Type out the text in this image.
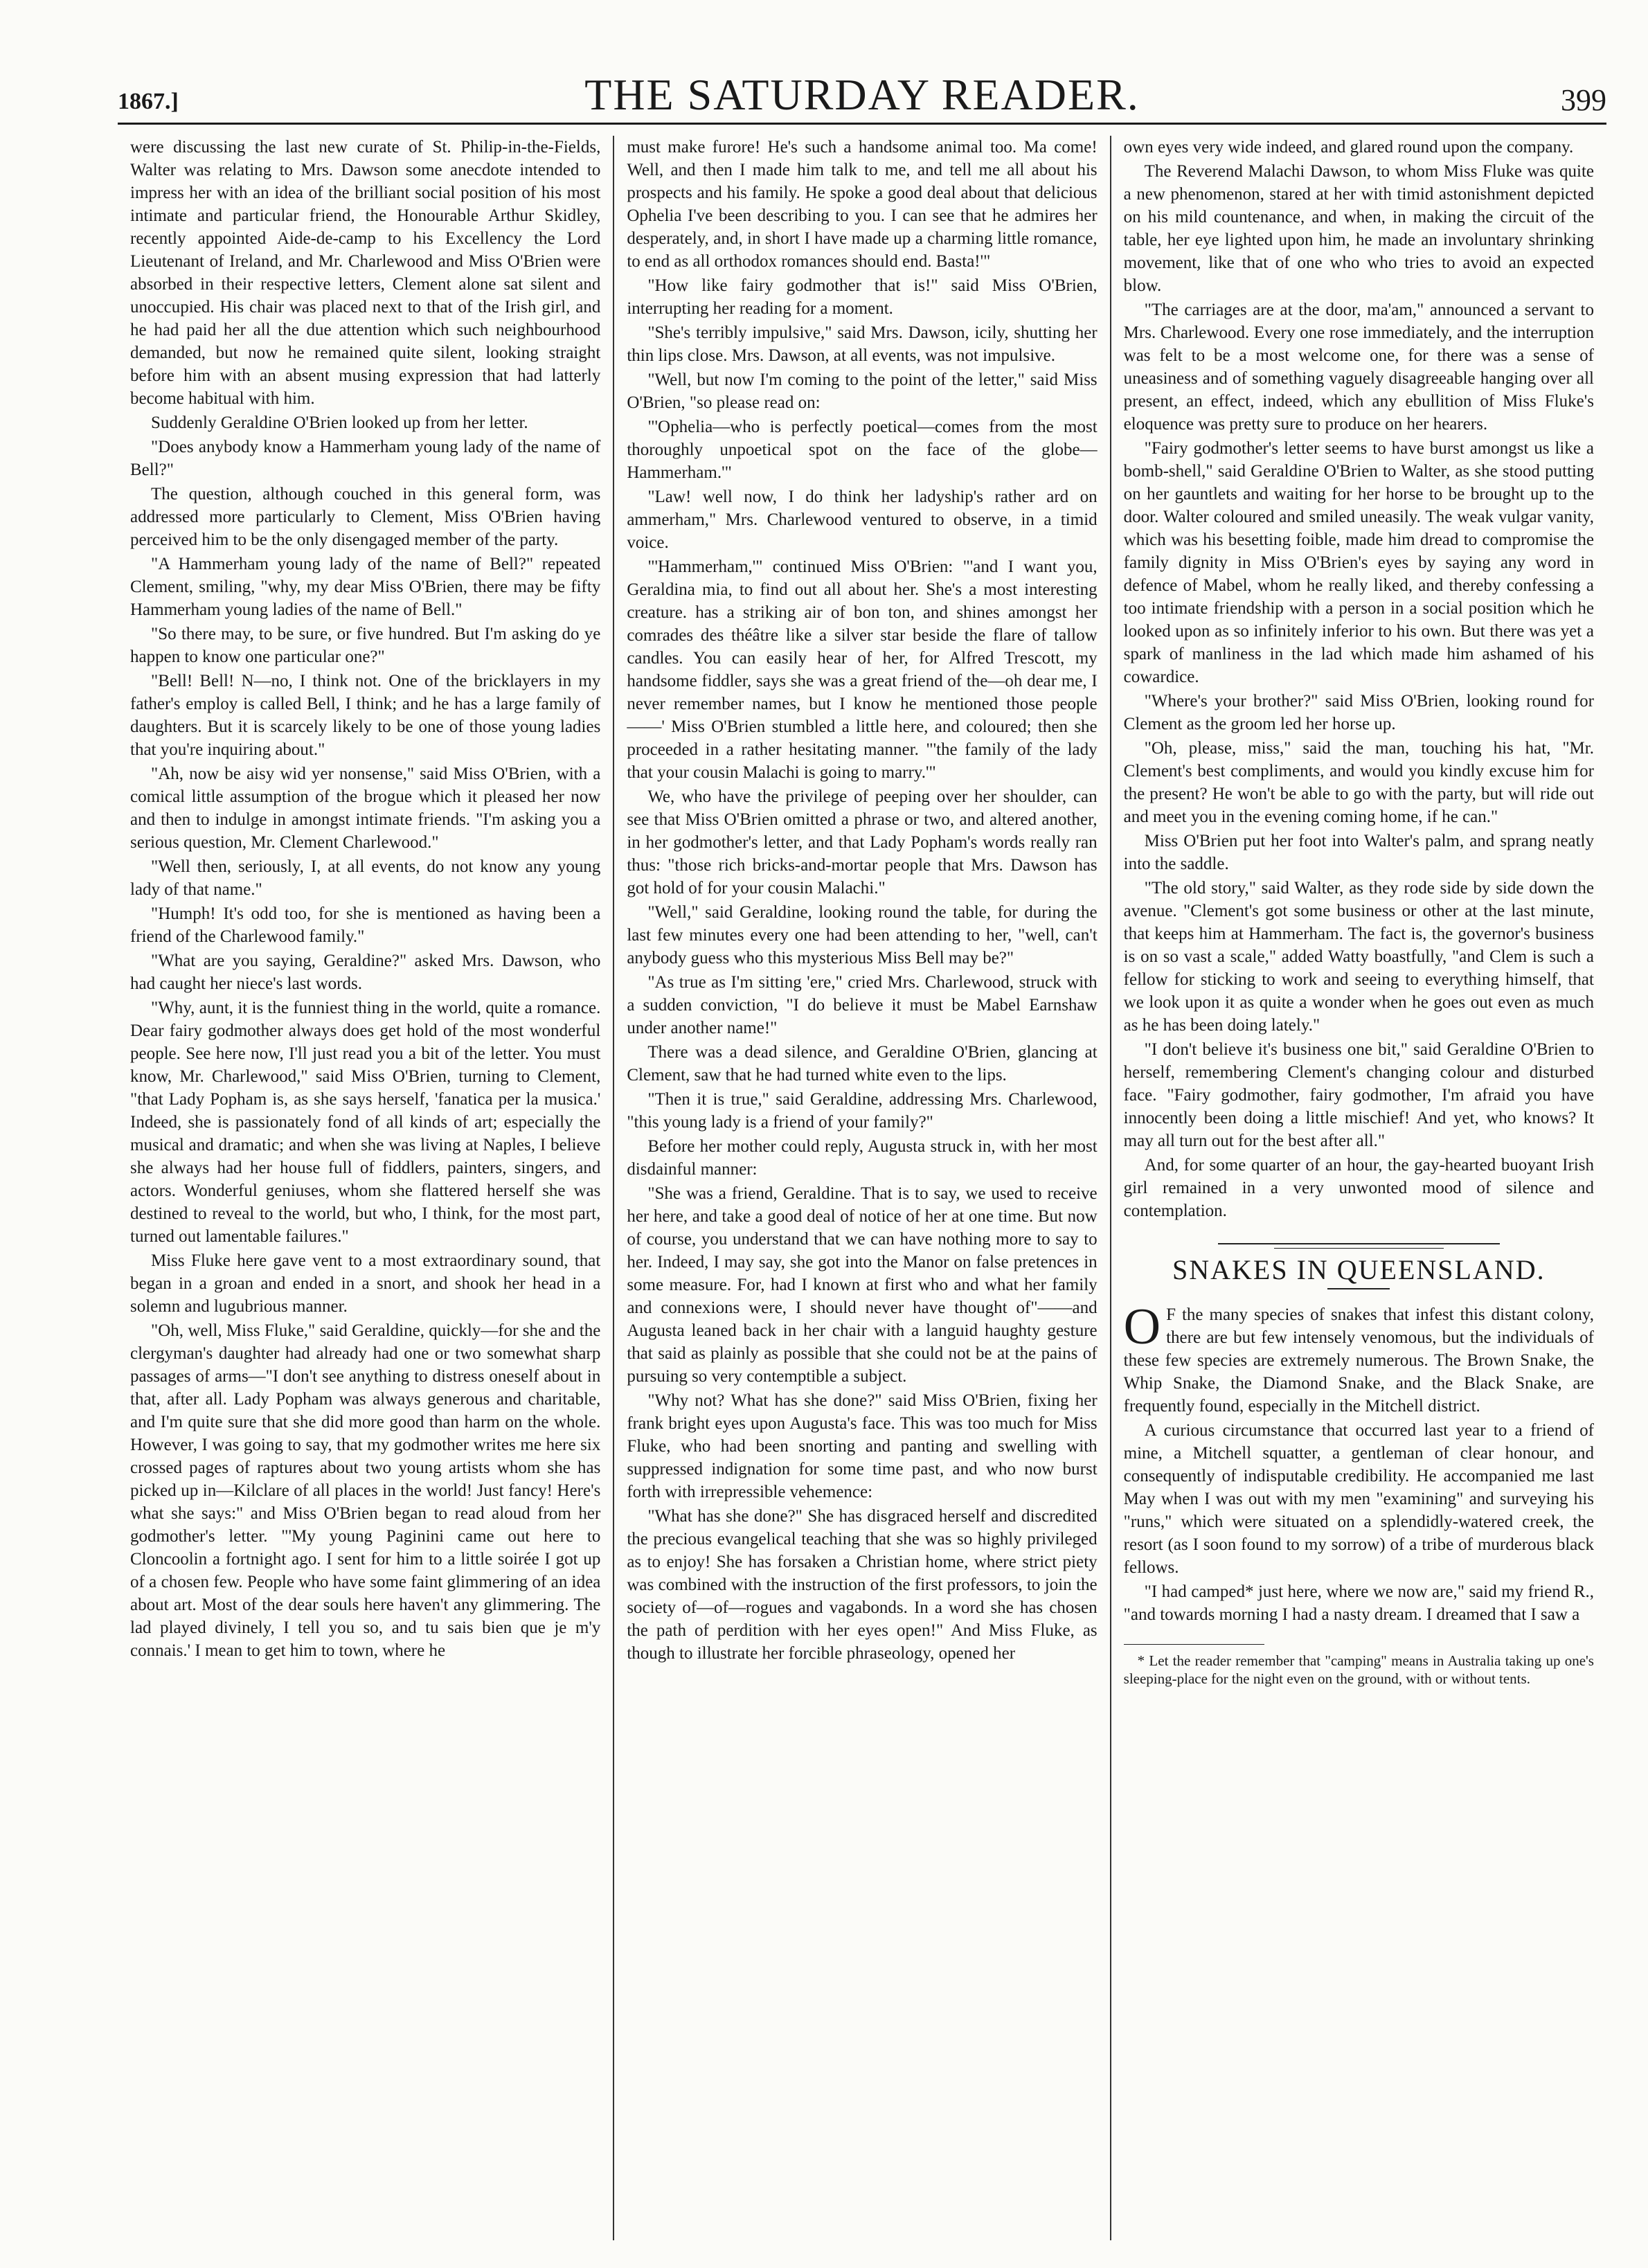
1867.]	THE SATURDAY READER.	399

were discussing the last new curate of St. Philip-in-the-Fields, Walter was relating to Mrs. Dawson some anecdote intended to impress her with an idea of the brilliant social position of his most intimate and particular friend, the Honourable Arthur Skidley, recently appointed Aide-de-camp to his Excellency the Lord Lieutenant of Ireland, and Mr. Charlewood and Miss O'Brien were absorbed in their respective letters, Clement alone sat silent and unoccupied. His chair was placed next to that of the Irish girl, and he had paid her all the due attention which such neighbourhood demanded, but now he remained quite silent, looking straight before him with an absent musing expression that had latterly become habitual with him.

Suddenly Geraldine O'Brien looked up from her letter.

"Does anybody know a Hammerham young lady of the name of Bell?"

The question, although couched in this general form, was addressed more particularly to Clement, Miss O'Brien having perceived him to be the only disengaged member of the party.

"A Hammerham young lady of the name of Bell?" repeated Clement, smiling, "why, my dear Miss O'Brien, there may be fifty Hammerham young ladies of the name of Bell."

"So there may, to be sure, or five hundred. But I'm asking do ye happen to know one particular one?"

"Bell! Bell! N—no, I think not. One of the bricklayers in my father's employ is called Bell, I think; and he has a large family of daughters. But it is scarcely likely to be one of those young ladies that you're inquiring about."

"Ah, now be aisy wid yer nonsense," said Miss O'Brien, with a comical little assumption of the brogue which it pleased her now and then to indulge in amongst intimate friends. "I'm asking you a serious question, Mr. Clement Charlewood."

"Well then, seriously, I, at all events, do not know any young lady of that name."

"Humph! It's odd too, for she is mentioned as having been a friend of the Charlewood family."

"What are you saying, Geraldine?" asked Mrs. Dawson, who had caught her niece's last words.

"Why, aunt, it is the funniest thing in the world, quite a romance. Dear fairy godmother always does get hold of the most wonderful people. See here now, I'll just read you a bit of the letter. You must know, Mr. Charlewood," said Miss O'Brien, turning to Clement, "that Lady Popham is, as she says herself, 'fanatica per la musica.' Indeed, she is passionately fond of all kinds of art; especially the musical and dramatic; and when she was living at Naples, I believe she always had her house full of fiddlers, painters, singers, and actors. Wonderful geniuses, whom she flattered herself she was destined to reveal to the world, but who, I think, for the most part, turned out lamentable failures."

Miss Fluke here gave vent to a most extraordinary sound, that began in a groan and ended in a snort, and shook her head in a solemn and lugubrious manner.

"Oh, well, Miss Fluke," said Geraldine, quickly—for she and the clergyman's daughter had already had one or two somewhat sharp passages of arms—"I don't see anything to distress oneself about in that, after all. Lady Popham was always generous and charitable, and I'm quite sure that she did more good than harm on the whole. However, I was going to say, that my godmother writes me here six crossed pages of raptures about two young artists whom she has picked up in—Kilclare of all places in the world! Just fancy! Here's what she says:" and Miss O'Brien began to read aloud from her godmother's letter. "'My young Paginini came out here to Cloncoolin a fortnight ago. I sent for him to a little soirée I got up of a chosen few. People who have some faint glimmering of an idea about art. Most of the dear souls here haven't any glimmering. The lad played divinely, I tell you so, and tu sais bien que je m'y connais.' I mean to get him to town, where he

must make furore! He's such a handsome animal too. Ma come! Well, and then I made him talk to me, and tell me all about his prospects and his family. He spoke a good deal about that delicious Ophelia I've been describing to you. I can see that he admires her desperately, and, in short I have made up a charming little romance, to end as all orthodox romances should end. Basta!'"

"How like fairy godmother that is!" said Miss O'Brien, interrupting her reading for a moment.

"She's terribly impulsive," said Mrs. Dawson, icily, shutting her thin lips close. Mrs. Dawson, at all events, was not impulsive.

"Well, but now I'm coming to the point of the letter," said Miss O'Brien, "so please read on:

"'Ophelia—who is perfectly poetical—comes from the most thoroughly unpoetical spot on the face of the globe—Hammerham.'"

"Law! well now, I do think her ladyship's rather ard on ammerham," Mrs. Charlewood ventured to observe, in a timid voice.

"'Hammerham,'" continued Miss O'Brien: "'and I want you, Geraldina mia, to find out all about her. She's a most interesting creature. has a striking air of bon ton, and shines amongst her comrades des théâtre like a silver star beside the flare of tallow candles. You can easily hear of her, for Alfred Trescott, my handsome fiddler, says she was a great friend of the—oh dear me, I never remember names, but I know he mentioned those people——' Miss O'Brien stumbled a little here, and coloured; then she proceeded in a rather hesitating manner. "'the family of the lady that your cousin Malachi is going to marry.'"

We, who have the privilege of peeping over her shoulder, can see that Miss O'Brien omitted a phrase or two, and altered another, in her godmother's letter, and that Lady Popham's words really ran thus: "those rich bricks-and-mortar people that Mrs. Dawson has got hold of for your cousin Malachi."

"Well," said Geraldine, looking round the table, for during the last few minutes every one had been attending to her, "well, can't anybody guess who this mysterious Miss Bell may be?"

"As true as I'm sitting 'ere," cried Mrs. Charlewood, struck with a sudden conviction, "I do believe it must be Mabel Earnshaw under another name!"

There was a dead silence, and Geraldine O'Brien, glancing at Clement, saw that he had turned white even to the lips.

"Then it is true," said Geraldine, addressing Mrs. Charlewood, "this young lady is a friend of your family?"

Before her mother could reply, Augusta struck in, with her most disdainful manner:

"She was a friend, Geraldine. That is to say, we used to receive her here, and take a good deal of notice of her at one time. But now of course, you understand that we can have nothing more to say to her. Indeed, I may say, she got into the Manor on false pretences in some measure. For, had I known at first who and what her family and connexions were, I should never have thought of"——and Augusta leaned back in her chair with a languid haughty gesture that said as plainly as possible that she could not be at the pains of pursuing so very contemptible a subject.

"Why not? What has she done?" said Miss O'Brien, fixing her frank bright eyes upon Augusta's face. This was too much for Miss Fluke, who had been snorting and panting and swelling with suppressed indignation for some time past, and who now burst forth with irrepressible vehemence:

"What has she done?" She has disgraced herself and discredited the precious evangelical teaching that she was so highly privileged as to enjoy! She has forsaken a Christian home, where strict piety was combined with the instruction of the first professors, to join the society of—of—rogues and vagabonds. In a word she has chosen the path of perdition with her eyes open!" And Miss Fluke, as though to illustrate her forcible phraseology, opened her

own eyes very wide indeed, and glared round upon the company.

The Reverend Malachi Dawson, to whom Miss Fluke was quite a new phenomenon, stared at her with timid astonishment depicted on his mild countenance, and when, in making the circuit of the table, her eye lighted upon him, he made an involuntary shrinking movement, like that of one who who tries to avoid an expected blow.

"The carriages are at the door, ma'am," announced a servant to Mrs. Charlewood. Every one rose immediately, and the interruption was felt to be a most welcome one, for there was a sense of uneasiness and of something vaguely disagreeable hanging over all present, an effect, indeed, which any ebullition of Miss Fluke's eloquence was pretty sure to produce on her hearers.

"Fairy godmother's letter seems to have burst amongst us like a bomb-shell," said Geraldine O'Brien to Walter, as she stood putting on her gauntlets and waiting for her horse to be brought up to the door. Walter coloured and smiled uneasily. The weak vulgar vanity, which was his besetting foible, made him dread to compromise the family dignity in Miss O'Brien's eyes by saying any word in defence of Mabel, whom he really liked, and thereby confessing a too intimate friendship with a person in a social position which he looked upon as so infinitely inferior to his own. But there was yet a spark of manliness in the lad which made him ashamed of his cowardice.

"Where's your brother?" said Miss O'Brien, looking round for Clement as the groom led her horse up.

"Oh, please, miss," said the man, touching his hat, "Mr. Clement's best compliments, and would you kindly excuse him for the present? He won't be able to go with the party, but will ride out and meet you in the evening coming home, if he can."

Miss O'Brien put her foot into Walter's palm, and sprang neatly into the saddle.

"The old story," said Walter, as they rode side by side down the avenue. "Clement's got some business or other at the last minute, that keeps him at Hammerham. The fact is, the governor's business is on so vast a scale," added Watty boastfully, "and Clem is such a fellow for sticking to work and seeing to everything himself, that we look upon it as quite a wonder when he goes out even as much as he has been doing lately."

"I don't believe it's business one bit," said Geraldine O'Brien to herself, remembering Clement's changing colour and disturbed face. "Fairy godmother, fairy godmother, I'm afraid you have innocently been doing a little mischief! And yet, who knows? It may all turn out for the best after all."

And, for some quarter of an hour, the gay-hearted buoyant Irish girl remained in a very unwonted mood of silence and contemplation.

SNAKES IN QUEENSLAND.

O F the many species of snakes that infest this distant colony, there are but few intensely venomous, but the individuals of these few species are extremely numerous. The Brown Snake, the Whip Snake, the Diamond Snake, and the Black Snake, are frequently found, especially in the Mitchell district.

A curious circumstance that occurred last year to a friend of mine, a Mitchell squatter, a gentleman of clear honour, and consequently of indisputable credibility. He accompanied me last May when I was out with my men "examining" and surveying his "runs," which were situated on a splendidly-watered creek, the resort (as I soon found to my sorrow) of a tribe of murderous black fellows.

"I had camped* just here, where we now are," said my friend R., "and towards morning I had a nasty dream. I dreamed that I saw a

* Let the reader remember that "camping" means in Australia taking up one's sleeping-place for the night even on the ground, with or without tents.
